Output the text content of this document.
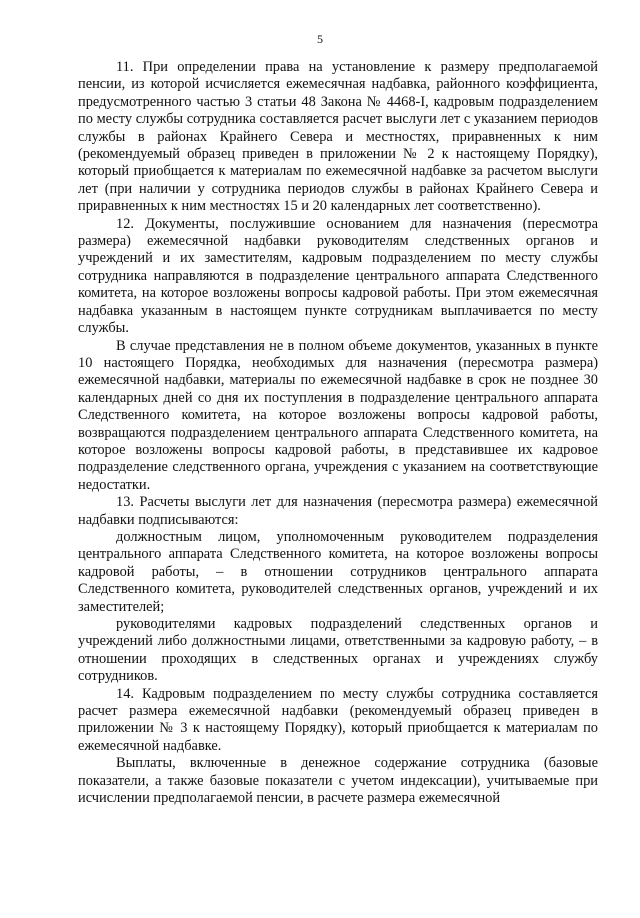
5

11. При определении права на установление к размеру предполагаемой пенсии, из которой исчисляется ежемесячная надбавка, районного коэффициента, предусмотренного частью 3 статьи 48 Закона № 4468-I, кадровым подразделением по месту службы сотрудника составляется расчет выслуги лет с указанием периодов службы в районах Крайнего Севера и местностях, приравненных к ним (рекомендуемый образец приведен в приложении № 2 к настоящему Порядку), который приобщается к материалам по ежемесячной надбавке за расчетом выслуги лет (при наличии у сотрудника периодов службы в районах Крайнего Севера и приравненных к ним местностях 15 и 20 календарных лет соответственно).

12. Документы, послужившие основанием для назначения (пересмотра размера) ежемесячной надбавки руководителям следственных органов и учреждений и их заместителям, кадровым подразделением по месту службы сотрудника направляются в подразделение центрального аппарата Следственного комитета, на которое возложены вопросы кадровой работы. При этом ежемесячная надбавка указанным в настоящем пункте сотрудникам выплачивается по месту службы.

В случае представления не в полном объеме документов, указанных в пункте 10 настоящего Порядка, необходимых для назначения (пересмотра размера) ежемесячной надбавки, материалы по ежемесячной надбавке в срок не позднее 30 календарных дней со дня их поступления в подразделение центрального аппарата Следственного комитета, на которое возложены вопросы кадровой работы, возвращаются подразделением центрального аппарата Следственного комитета, на которое возложены вопросы кадровой работы, в представившее их кадровое подразделение следственного органа, учреждения с указанием на соответствующие недостатки.

13. Расчеты выслуги лет для назначения (пересмотра размера) ежемесячной надбавки подписываются:

должностным лицом, уполномоченным руководителем подразделения центрального аппарата Следственного комитета, на которое возложены вопросы кадровой работы, – в отношении сотрудников центрального аппарата Следственного комитета, руководителей следственных органов, учреждений и их заместителей;

руководителями кадровых подразделений следственных органов и учреждений либо должностными лицами, ответственными за кадровую работу, – в отношении проходящих в следственных органах и учреждениях службу сотрудников.

14. Кадровым подразделением по месту службы сотрудника составляется расчет размера ежемесячной надбавки (рекомендуемый образец приведен в приложении № 3 к настоящему Порядку), который приобщается к материалам по ежемесячной надбавке.

Выплаты, включенные в денежное содержание сотрудника (базовые показатели, а также базовые показатели с учетом индексации), учитываемые при исчислении предполагаемой пенсии, в расчете размера ежемесячной
